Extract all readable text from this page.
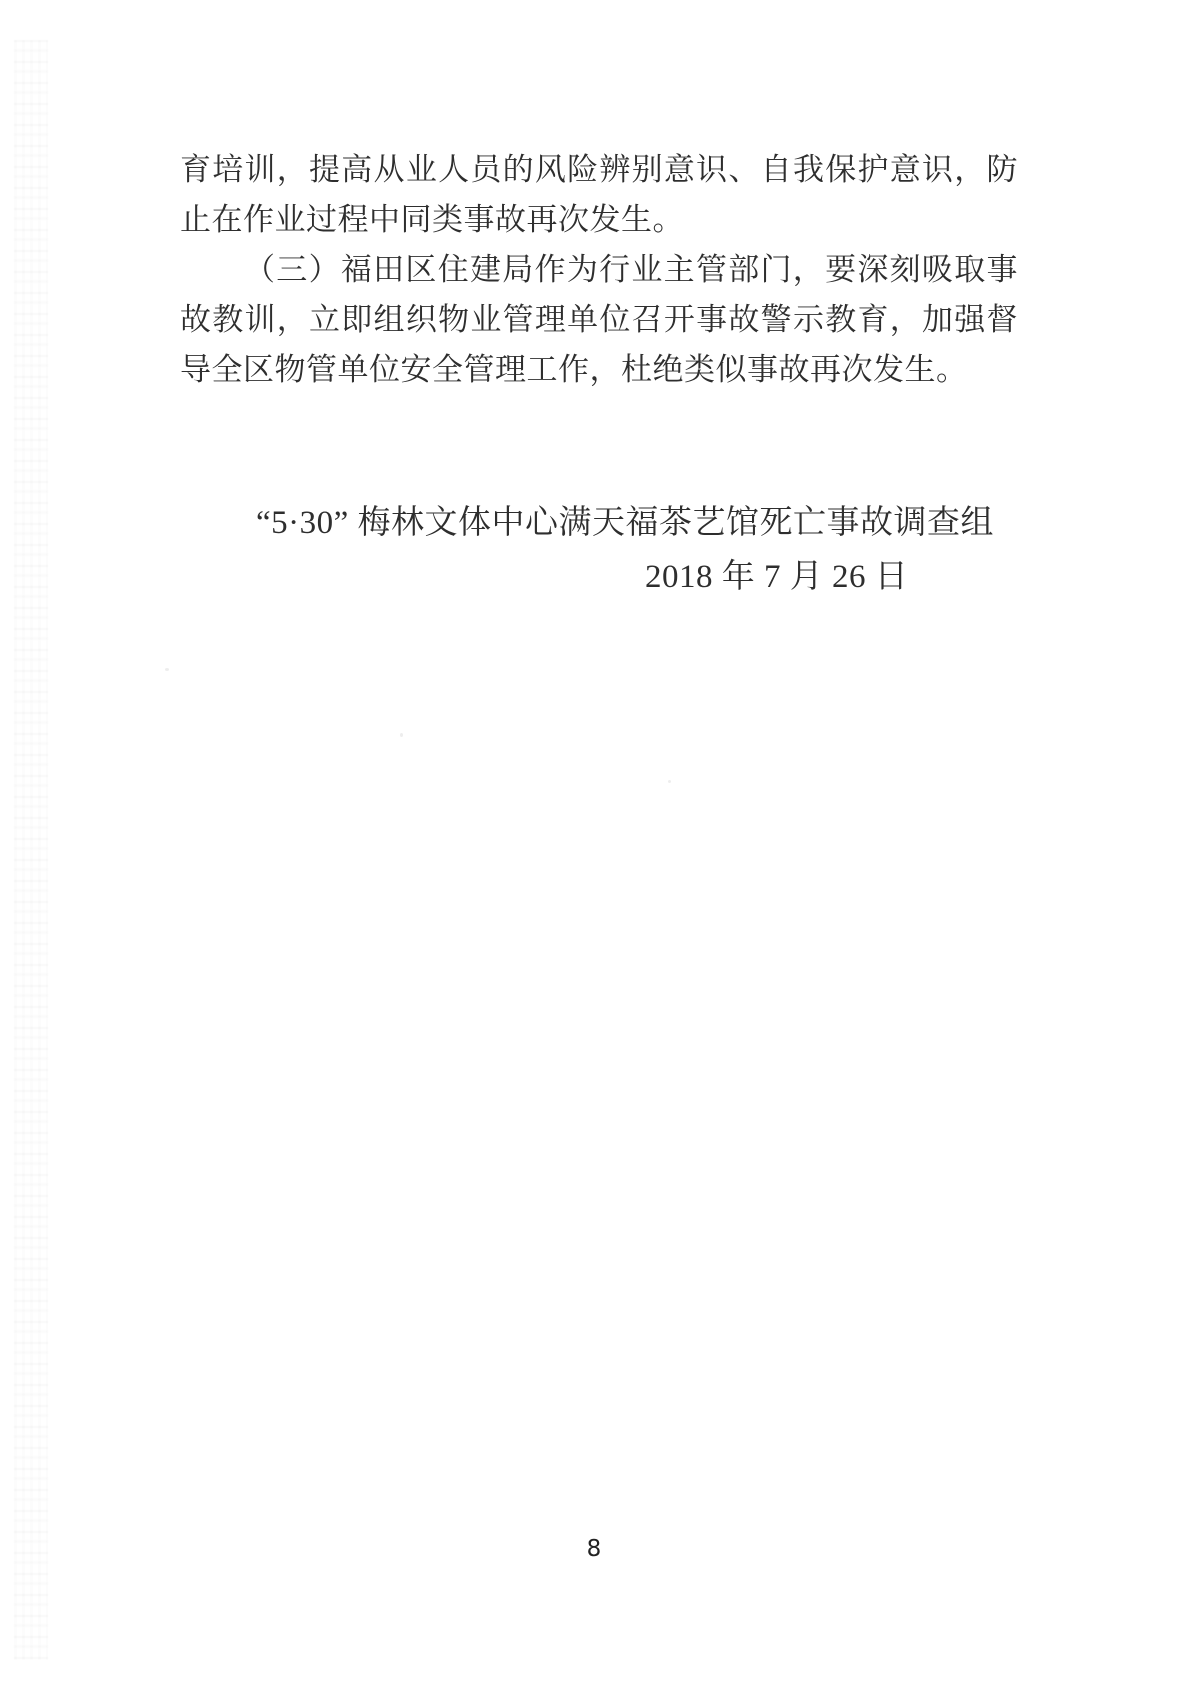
育培训，提高从业人员的风险辨别意识、自我保护意识，防
止在作业过程中同类事故再次发生。
（三）福田区住建局作为行业主管部门，要深刻吸取事
故教训，立即组织物业管理单位召开事故警示教育，加强督
导全区物管单位安全管理工作，杜绝类似事故再次发生。
“5·30” 梅林文体中心满天福茶艺馆死亡事故调查组
2018 年 7 月 26 日
8
